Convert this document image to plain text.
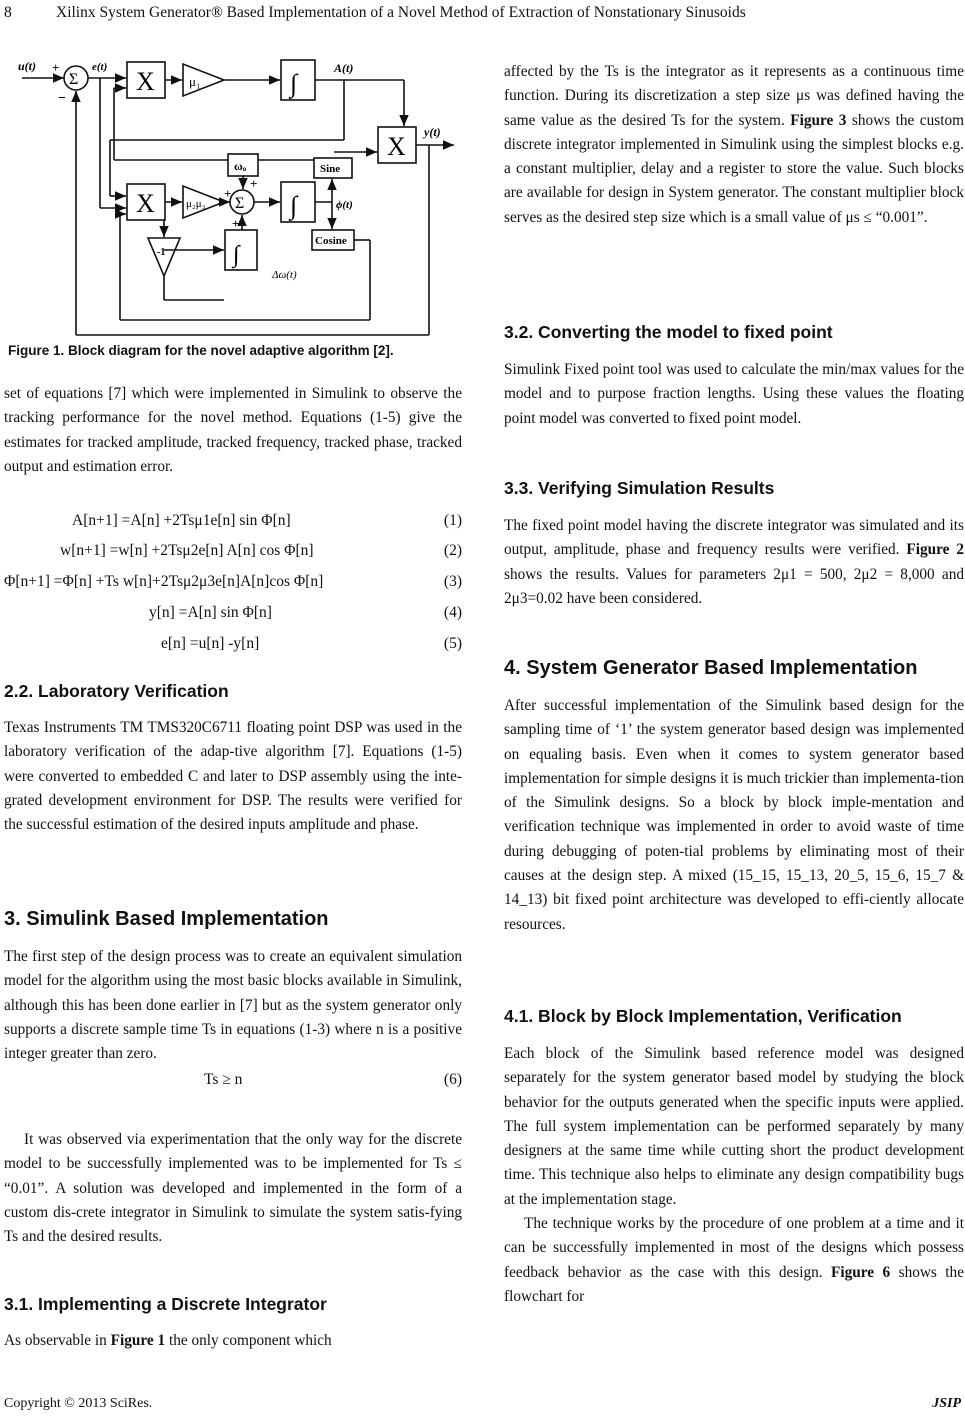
8	Xilinx System Generator® Based Implementation of a Novel Method of Extraction of Nonstationary Sinusoids
u(t) +
−
Σ
e(t) X	μ₁	∫
A(t)
X y(t)
ωₒ	Sine
Cosine
X	μ₂μ₃ Σ
+
+
+
∫	ϕ(t)
∫
Δω(t)
-1
Figure 1. Block diagram for the novel adaptive algorithm [2].

set of equations [7] which were implemented in Simulink to observe the tracking performance for the novel method. Equations (1-5) give the estimates for tracked amplitude, tracked frequency, tracked phase, tracked output and estimation error.

A[n+1] =A[n] +2Tsμ1e[n] sin Φ[n]	(1)
w[n+1] =w[n] +2Tsμ2e[n] A[n] cos Φ[n]	(2)
Φ[n+1] =Φ[n] +Ts w[n]+2Tsμ2μ3e[n]A[n]cos Φ[n]	(3)
y[n] =A[n] sin Φ[n]	(4)
e[n] =u[n] -y[n]	(5)
2.2. Laboratory Verification

Texas Instruments TM TMS320C6711 floating point DSP was used in the laboratory verification of the adap-tive algorithm [7]. Equations (1-5) were converted to embedded C and later to DSP assembly using the inte-grated development environment for DSP. The results were verified for the successful estimation of the desired inputs amplitude and phase.

3. Simulink Based Implementation

The first step of the design process was to create an equivalent simulation model for the algorithm using the most basic blocks available in Simulink, although this has been done earlier in [7] but as the system generator only supports a discrete sample time Ts in equations (1-3) where n is a positive integer greater than zero.

Ts ≥ n	(6)

It was observed via experimentation that the only way for the discrete model to be successfully implemented was to be implemented for Ts ≤ “0.01”. A solution was developed and implemented in the form of a custom dis-crete integrator in Simulink to simulate the system satis-fying Ts and the desired results.

3.1. Implementing a Discrete Integrator

As observable in Figure 1 the only component which

affected by the Ts is the integrator as it represents as a continuous time function. During its discretization a step size μs was defined having the same value as the desired Ts for the system. Figure 3 shows the custom discrete integrator implemented in Simulink using the simplest blocks e.g. a constant multiplier, delay and a register to store the value. Such blocks are available for design in System generator. The constant multiplier block serves as the desired step size which is a small value of μs ≤ “0.001”.

3.2. Converting the model to fixed point

Simulink Fixed point tool was used to calculate the min/max values for the model and to purpose fraction lengths. Using these values the floating point model was converted to fixed point model.

3.3. Verifying Simulation Results

The fixed point model having the discrete integrator was simulated and its output, amplitude, phase and frequency results were verified. Figure 2 shows the results. Values for parameters 2μ1 = 500, 2μ2 = 8,000 and 2μ3=0.02 have been considered.

4. System Generator Based Implementation

After successful implementation of the Simulink based design for the sampling time of ‘1’ the system generator based design was implemented on equaling basis. Even when it comes to system generator based implementation for simple designs it is much trickier than implementa-tion of the Simulink designs. So a block by block imple-mentation and verification technique was implemented in order to avoid waste of time during debugging of poten-tial problems by eliminating most of their causes at the design step. A mixed (15_15, 15_13, 20_5, 15_6, 15_7 & 14_13) bit fixed point architecture was developed to effi-ciently allocate resources.

4.1. Block by Block Implementation, Verification

Each block of the Simulink based reference model was designed separately for the system generator based model by studying the block behavior for the outputs generated when the specific inputs were applied. The full system implementation can be performed separately by many designers at the same time while cutting short the product development time. This technique also helps to eliminate any design compatibility bugs at the implementation stage.

The technique works by the procedure of one problem at a time and it can be successfully implemented in most of the designs which possess feedback behavior as the case with this design. Figure 6 shows the flowchart for

Copyright © 2013 SciRes.	JSIP
